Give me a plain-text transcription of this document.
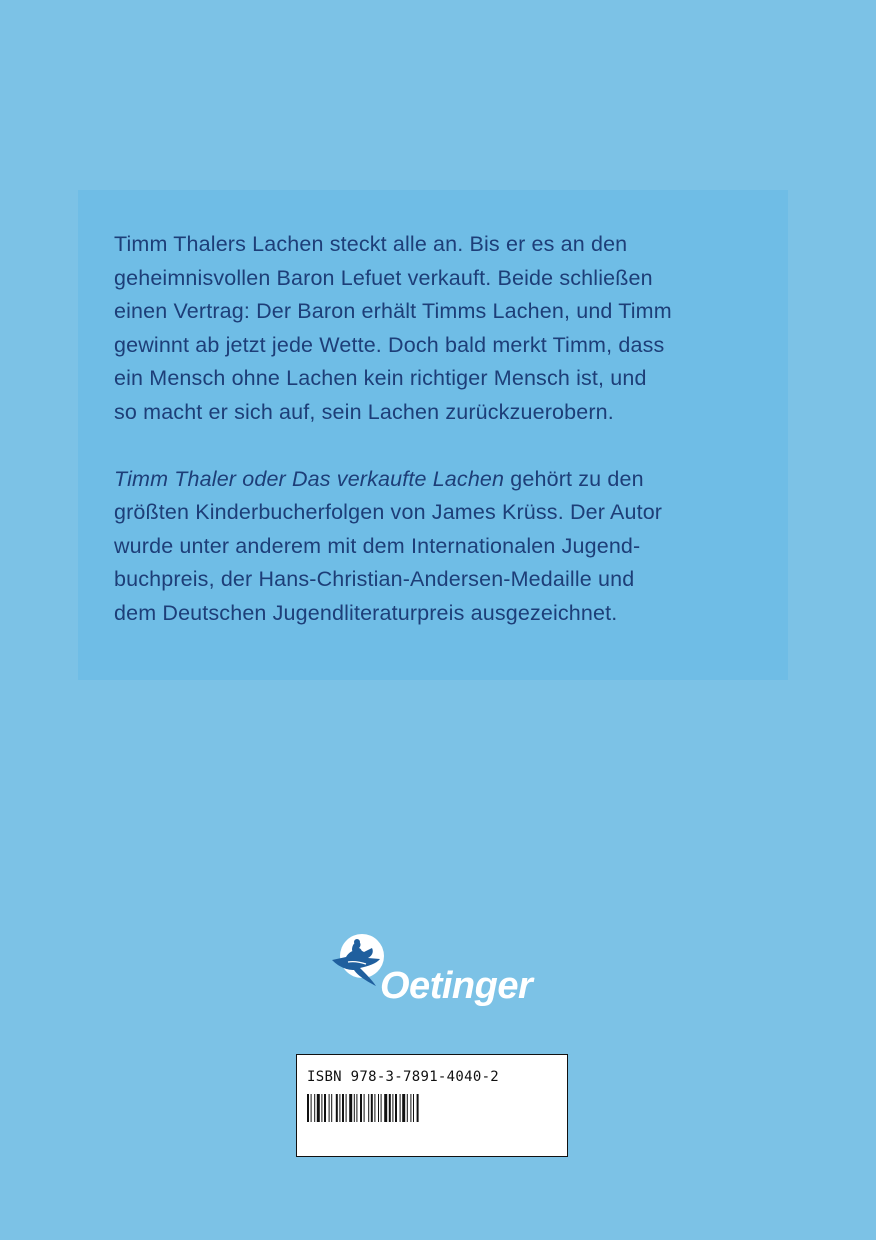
Timm Thalers Lachen steckt alle an. Bis er es an den
geheimnisvollen Baron Lefuet verkauft. Beide schließen
einen Vertrag: Der Baron erhält Timms Lachen, und Timm
gewinnt ab jetzt jede Wette. Doch bald merkt Timm, dass
ein Mensch ohne Lachen kein richtiger Mensch ist, und
so macht er sich auf, sein Lachen zurückzuerobern.

Timm Thaler oder Das verkaufte Lachen gehört zu den
größten Kinderbucherfolgen von James Krüss. Der Autor
wurde unter anderem mit dem Internationalen Jugend-
buchpreis, der Hans-Christian-Andersen-Medaille und
dem Deutschen Jugendliteraturpreis ausgezeichnet.

Oetinger
ISBN 978-3-7891-4040-2
